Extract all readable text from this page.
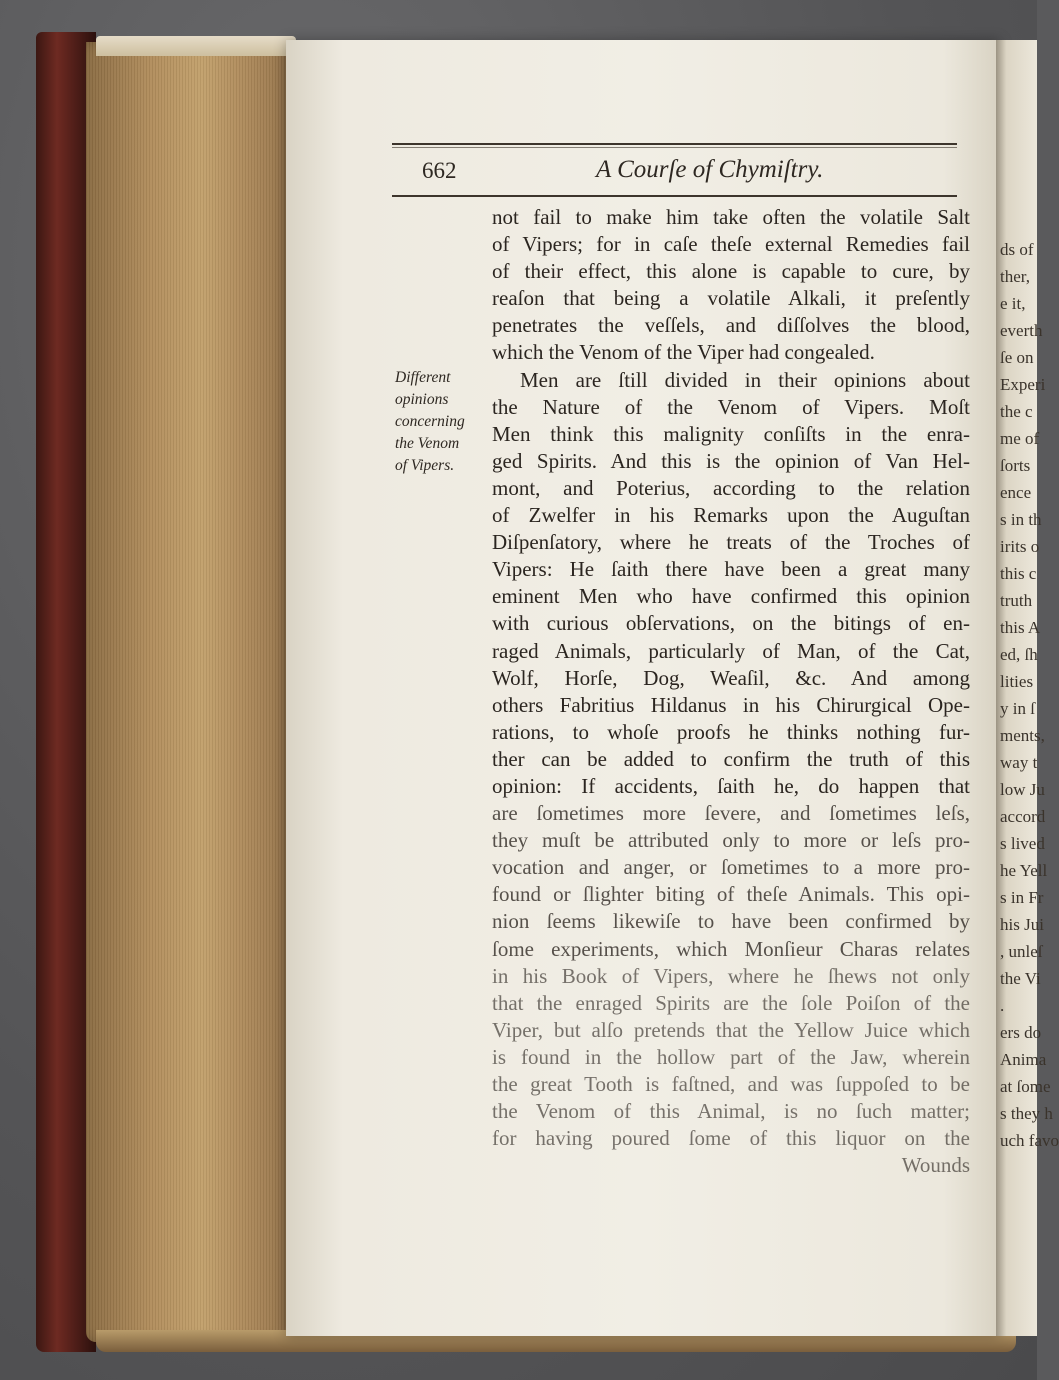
ds of
ther,
e it,
everth
ſe on
Experi
the c
me of
ſorts
ence
s in th
irits o
this c
truth
this A
ed, ſh
lities
y in ſ
ments,
way t
low Ju
accord
s lived
he Yell
s in Fr
his Jui
, unleſ
the Vi
.
ers do
Anima
at ſome
s they h
uch favo
662	A Courſe of Chymiſtry.
Different
opinions
concerning
the Venom
of Vipers.
not fail to make him take often the volatile Salt
of Vipers; for in caſe theſe external Remedies fail
of their effect, this alone is capable to cure, by
reaſon that being a volatile Alkali, it preſently
penetrates the veſſels, and diſſolves the blood,
which the Venom of the Viper had congealed.
Men are ſtill divided in their opinions about
the Nature of the Venom of Vipers. Moſt
Men think this malignity conſiſts in the enra-
ged Spirits. And this is the opinion of Van Hel-
mont, and Poterius, according to the relation
of Zwelfer in his Remarks upon the Auguſtan
Diſpenſatory, where he treats of the Troches of
Vipers: He ſaith there have been a great many
eminent Men who have confirmed this opinion
with curious obſervations, on the bitings of en-
raged Animals, particularly of Man, of the Cat,
Wolf, Horſe, Dog, Weaſil, &c. And among
others Fabritius Hildanus in his Chirurgical Ope-
rations, to whoſe proofs he thinks nothing fur-
ther can be added to confirm the truth of this
opinion: If accidents, ſaith he, do happen that
are ſometimes more ſevere, and ſometimes leſs,
they muſt be attributed only to more or leſs pro-
vocation and anger, or ſometimes to a more pro-
found or ſlighter biting of theſe Animals. This opi-
nion ſeems likewiſe to have been confirmed by
ſome experiments, which Monſieur Charas relates
in his Book of Vipers, where he ſhews not only
that the enraged Spirits are the ſole Poiſon of the
Viper, but alſo pretends that the Yellow Juice which
is found in the hollow part of the Jaw, wherein
the great Tooth is faſtned, and was ſuppoſed to be
the Venom of this Animal, is no ſuch matter;
for having poured ſome of this liquor on the
Wounds
